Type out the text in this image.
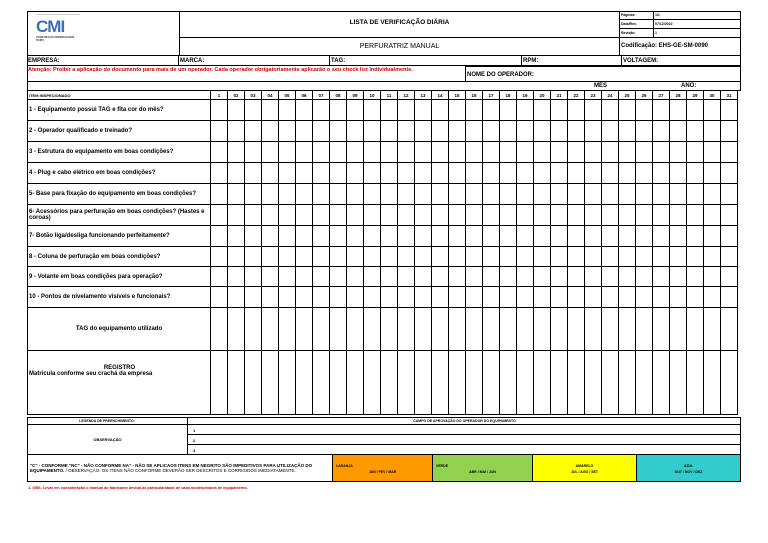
CMI
CONSTRUÇÃO PREMOLDADOS ITAIPU
LISTA DE VERIFICAÇÃO DIÁRIA
PERFURATRIZ MANUAL
Páginas:	1/1
Data/Rev.	07/12/2022
Revisão:	1
Codificação: EHS-GE-SM-0090
EMPRESA:	MARCA:	TAG:	RPM:	VOLTAGEM:
Atenção: Proibir a aplicação do documento para mais de um operador. Cada operador obrigatoriamente aplicarão o seu check list individualmente.
NOME DO OPERADOR:
MÊS	ANO:
ITEM INSPECIONADO	1	02	03	04	05	06	07	08	09	10	11	12	13	14	15	16	17	18	19	20	21	22	23	24	25	26	27	28	29	30	31
1 - Equipamento possui TAG e fita cor do mês?																															
2 - Operador qualificado e treinado?																															
3 - Estrutura do equipamento em boas condições?																															
4 - Plug e cabo elétrico em boas condições?																															
5- Base para fixação do equipamento em boas condições?																															
6- Acessórios para perfuração em boas condições? (Hastes e coroas)																															
7- Botão liga/desliga funcionando perfeitamente?																															
8 - Coluna de perfuração em boas condições?																															
9 - Volante em boas condições para operação?																															
10 - Pontos de nivelamento visíveis e funcionais?																															
TAG do equipamento utilizado																															

REGISTRO
Matrícula conforme seu crachá da empresa																															

LEGENDA DE PREENCHIMENTO:	CAMPO DE APROVAÇÃO DO OPERADOR DO EQUIPAMENTO
OBSERVAÇÃO
1
2
3
"C" - CONFORME "NC" - NÃO CONFORME NA" - NÃO SE APLICAOS ITENS EM NEGRITO SÃO IMPEDITIVOS PARA UTILIZAÇÃO DO EQUIPAMENTO. / OBSERVAÇÃO: OS ITENS NÃO CONFORME DEVERÃO SER DESCRITOS E CORRIGIDOS IMEDIATAMENTE.
LARANJA
JAN / FEV / MAR
VERDE
ABR / MAI / JUN
AMARELO
JUL / AGO / SET
AZUL
OUT / NOV / DEZ
1- OBS: Levar em consideração o manual do fabricante devido as particularidade de cada modelo/marca de equipamento.
